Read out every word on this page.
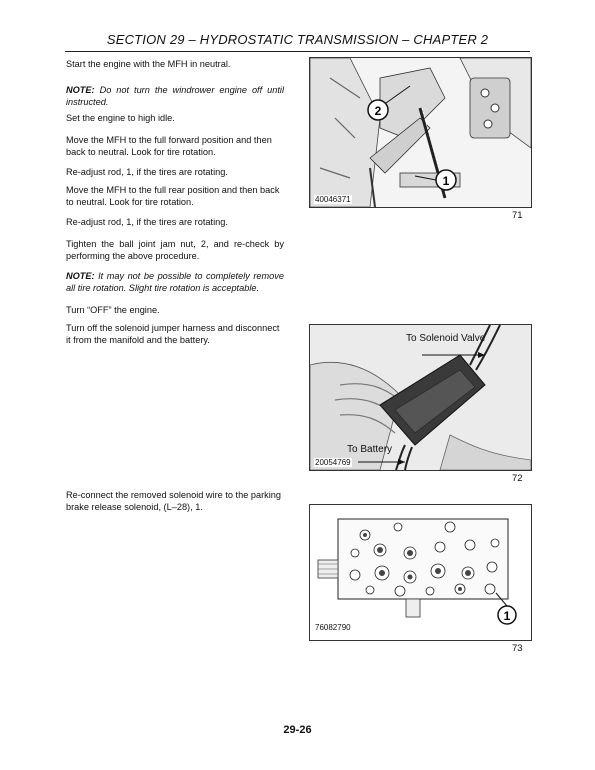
SECTION 29 – HYDROSTATIC TRANSMISSION – CHAPTER 2
Start the engine with the MFH in neutral.
NOTE: Do not turn the windrower engine off until instructed.
Set the engine to high idle.
Move the MFH to the full forward position and then back to neutral. Look for tire rotation.
Re-adjust rod, 1, if the tires are rotating.
Move the MFH to the full rear position and then back to neutral. Look for tire rotation.
Re-adjust rod, 1, if the tires are rotating.
Tighten the ball joint jam nut, 2, and re-check by performing the above procedure.
NOTE: It may not be possible to completely remove all tire rotation. Slight tire rotation is acceptable.
Turn “OFF” the engine.
Turn off the solenoid jumper harness and disconnect it from the manifold and the battery.
Re-connect the removed solenoid wire to the parking brake release solenoid, (L–28), 1.
2
1
40046371
71
To Solenoid Valve
To Battery
20054769
72
1
76082790
73
29-26
